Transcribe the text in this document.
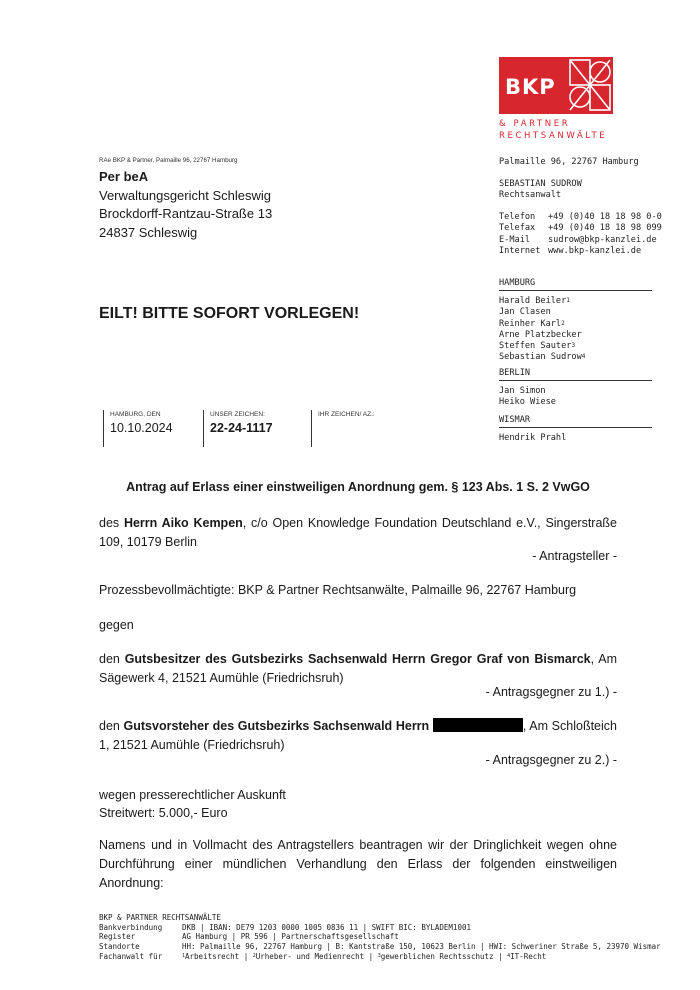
BKP
& PARTNER
RECHTSANWÄLTE
RAe BKP & Partner, Palmaille 96, 22767 Hamburg
Per beA
Verwaltungsgericht Schleswig
Brockdorff-Rantzau-Straße 13
24837 Schleswig
Palmaille 96, 22767 Hamburg
SEBASTIAN SUDROW
Rechtsanwalt
Telefon	+49 (0)40 18 18 98 0-0
Telefax	+49 (0)40 18 18 98 099
E-Mail	sudrow@bkp-kanzlei.de
Internet www.bkp-kanzlei.de
HAMBURG
Harald Beiler$^1$
Jan Clasen
Reinher Karl$^2$
Arne Platzbecker
Steffen Sauter$^3$
Sebastian Sudrow$^4$
BERLIN
Jan Simon
Heiko Wiese
WISMAR
Hendrik Prahl
EILT! BITTE SOFORT VORLEGEN!
HAMBURG, DEN
10.10.2024
UNSER ZEICHEN:
22-24-1117
IHR ZEICHEN/ AZ.:
Antrag auf Erlass einer einstweiligen Anordnung gem. § 123 Abs. 1 S. 2 VwGO
des Herrn Aiko Kempen, c/o Open Knowledge Foundation Deutschland e.V., Singerstraße 109, 10179 Berlin
- Antragsteller -
Prozessbevollmächtigte: BKP & Partner Rechtsanwälte, Palmaille 96, 22767 Hamburg
gegen
den Gutsbesitzer des Gutsbezirks Sachsenwald Herrn Gregor Graf von Bismarck, Am Sägewerk 4, 21521 Aumühle (Friedrichsruh)
- Antragsgegner zu 1.) -
den Gutsvorsteher des Gutsbezirks Sachsenwald Herrn	, Am Schloßteich 1, 21521 Aumühle (Friedrichsruh)
- Antragsgegner zu 2.) -
wegen presserechtlicher Auskunft
Streitwert: 5.000,- Euro
Namens und in Vollmacht des Antragstellers beantragen wir der Dringlichkeit wegen ohne Durchführung einer mündlichen Verhandlung den Erlass der folgenden einstweiligen Anordnung:
BKP & PARTNER RECHTSANWÄLTE
Bankverbindung	DKB | IBAN: DE79 1203 0000 1005 0836 11 | SWIFT BIC: BYLADEM1001
Register	AG Hamburg | PR 596 | Partnerschaftsgesellschaft
Standorte	HH: Palmaille 96, 22767 Hamburg | B: Kantstraße 150, 10623 Berlin | HWI: Schweriner Straße 5, 23970 Wismar
Fachanwalt für	$^1$Arbeitsrecht | $^2$Urheber- und Medienrecht | $^3$gewerblichen Rechtsschutz | $^4$IT-Recht
